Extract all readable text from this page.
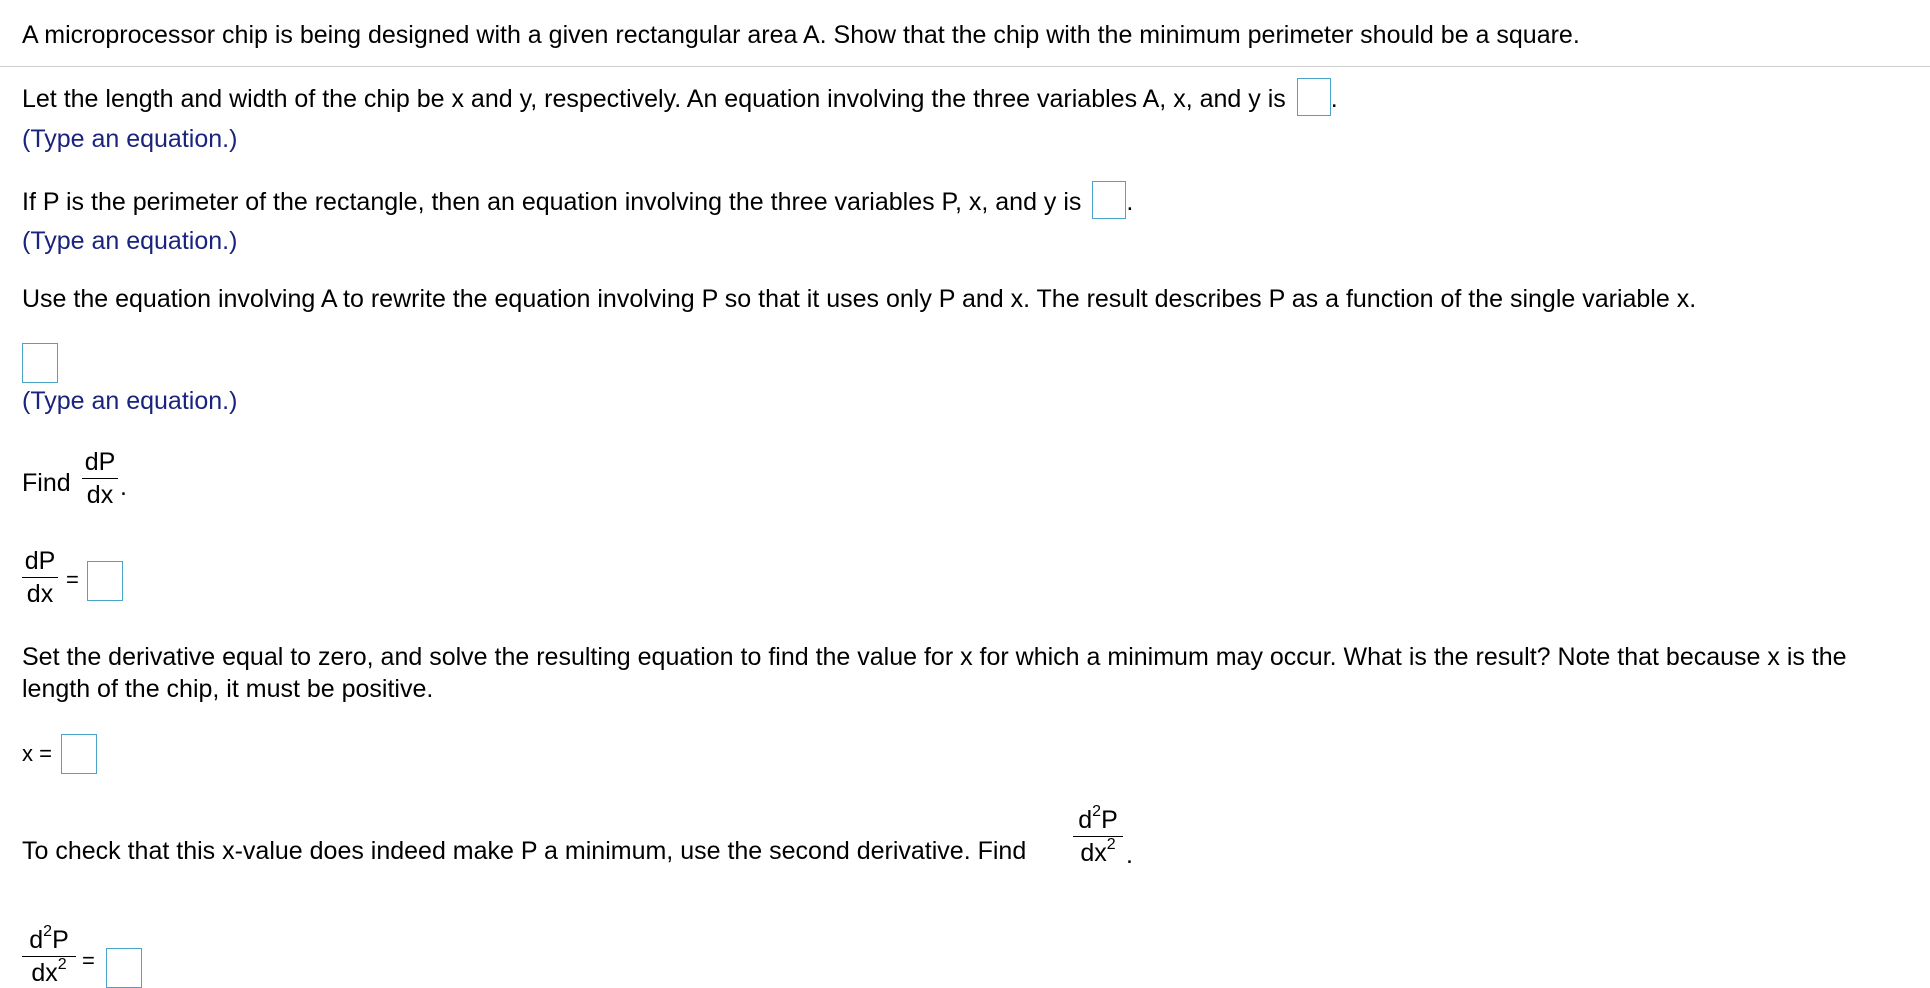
A microprocessor chip is being designed with a given rectangular area A. Show that the chip with the minimum perimeter should be a square.
Let the length and width of the chip be x and y, respectively. An equation involving the three variables A, x, and y is .
(Type an equation.)
If P is the perimeter of the rectangle, then an equation involving the three variables P, x, and y is .
(Type an equation.)
Use the equation involving A to rewrite the equation involving P so that it uses only P and x. The result describes P as a function of the single variable x.
(Type an equation.)
Find
dP
dx .
dP
dx
=
Set the derivative equal to zero, and solve the resulting equation to find the value for x for which a minimum may occur. What is the result? Note that because x is the
length of the chip, it must be positive.
x =
To check that this x-value does indeed make P a minimum, use the second derivative. Find
$d^2P$
$dx^2$ .
$d^2P$
$dx^2$ =
